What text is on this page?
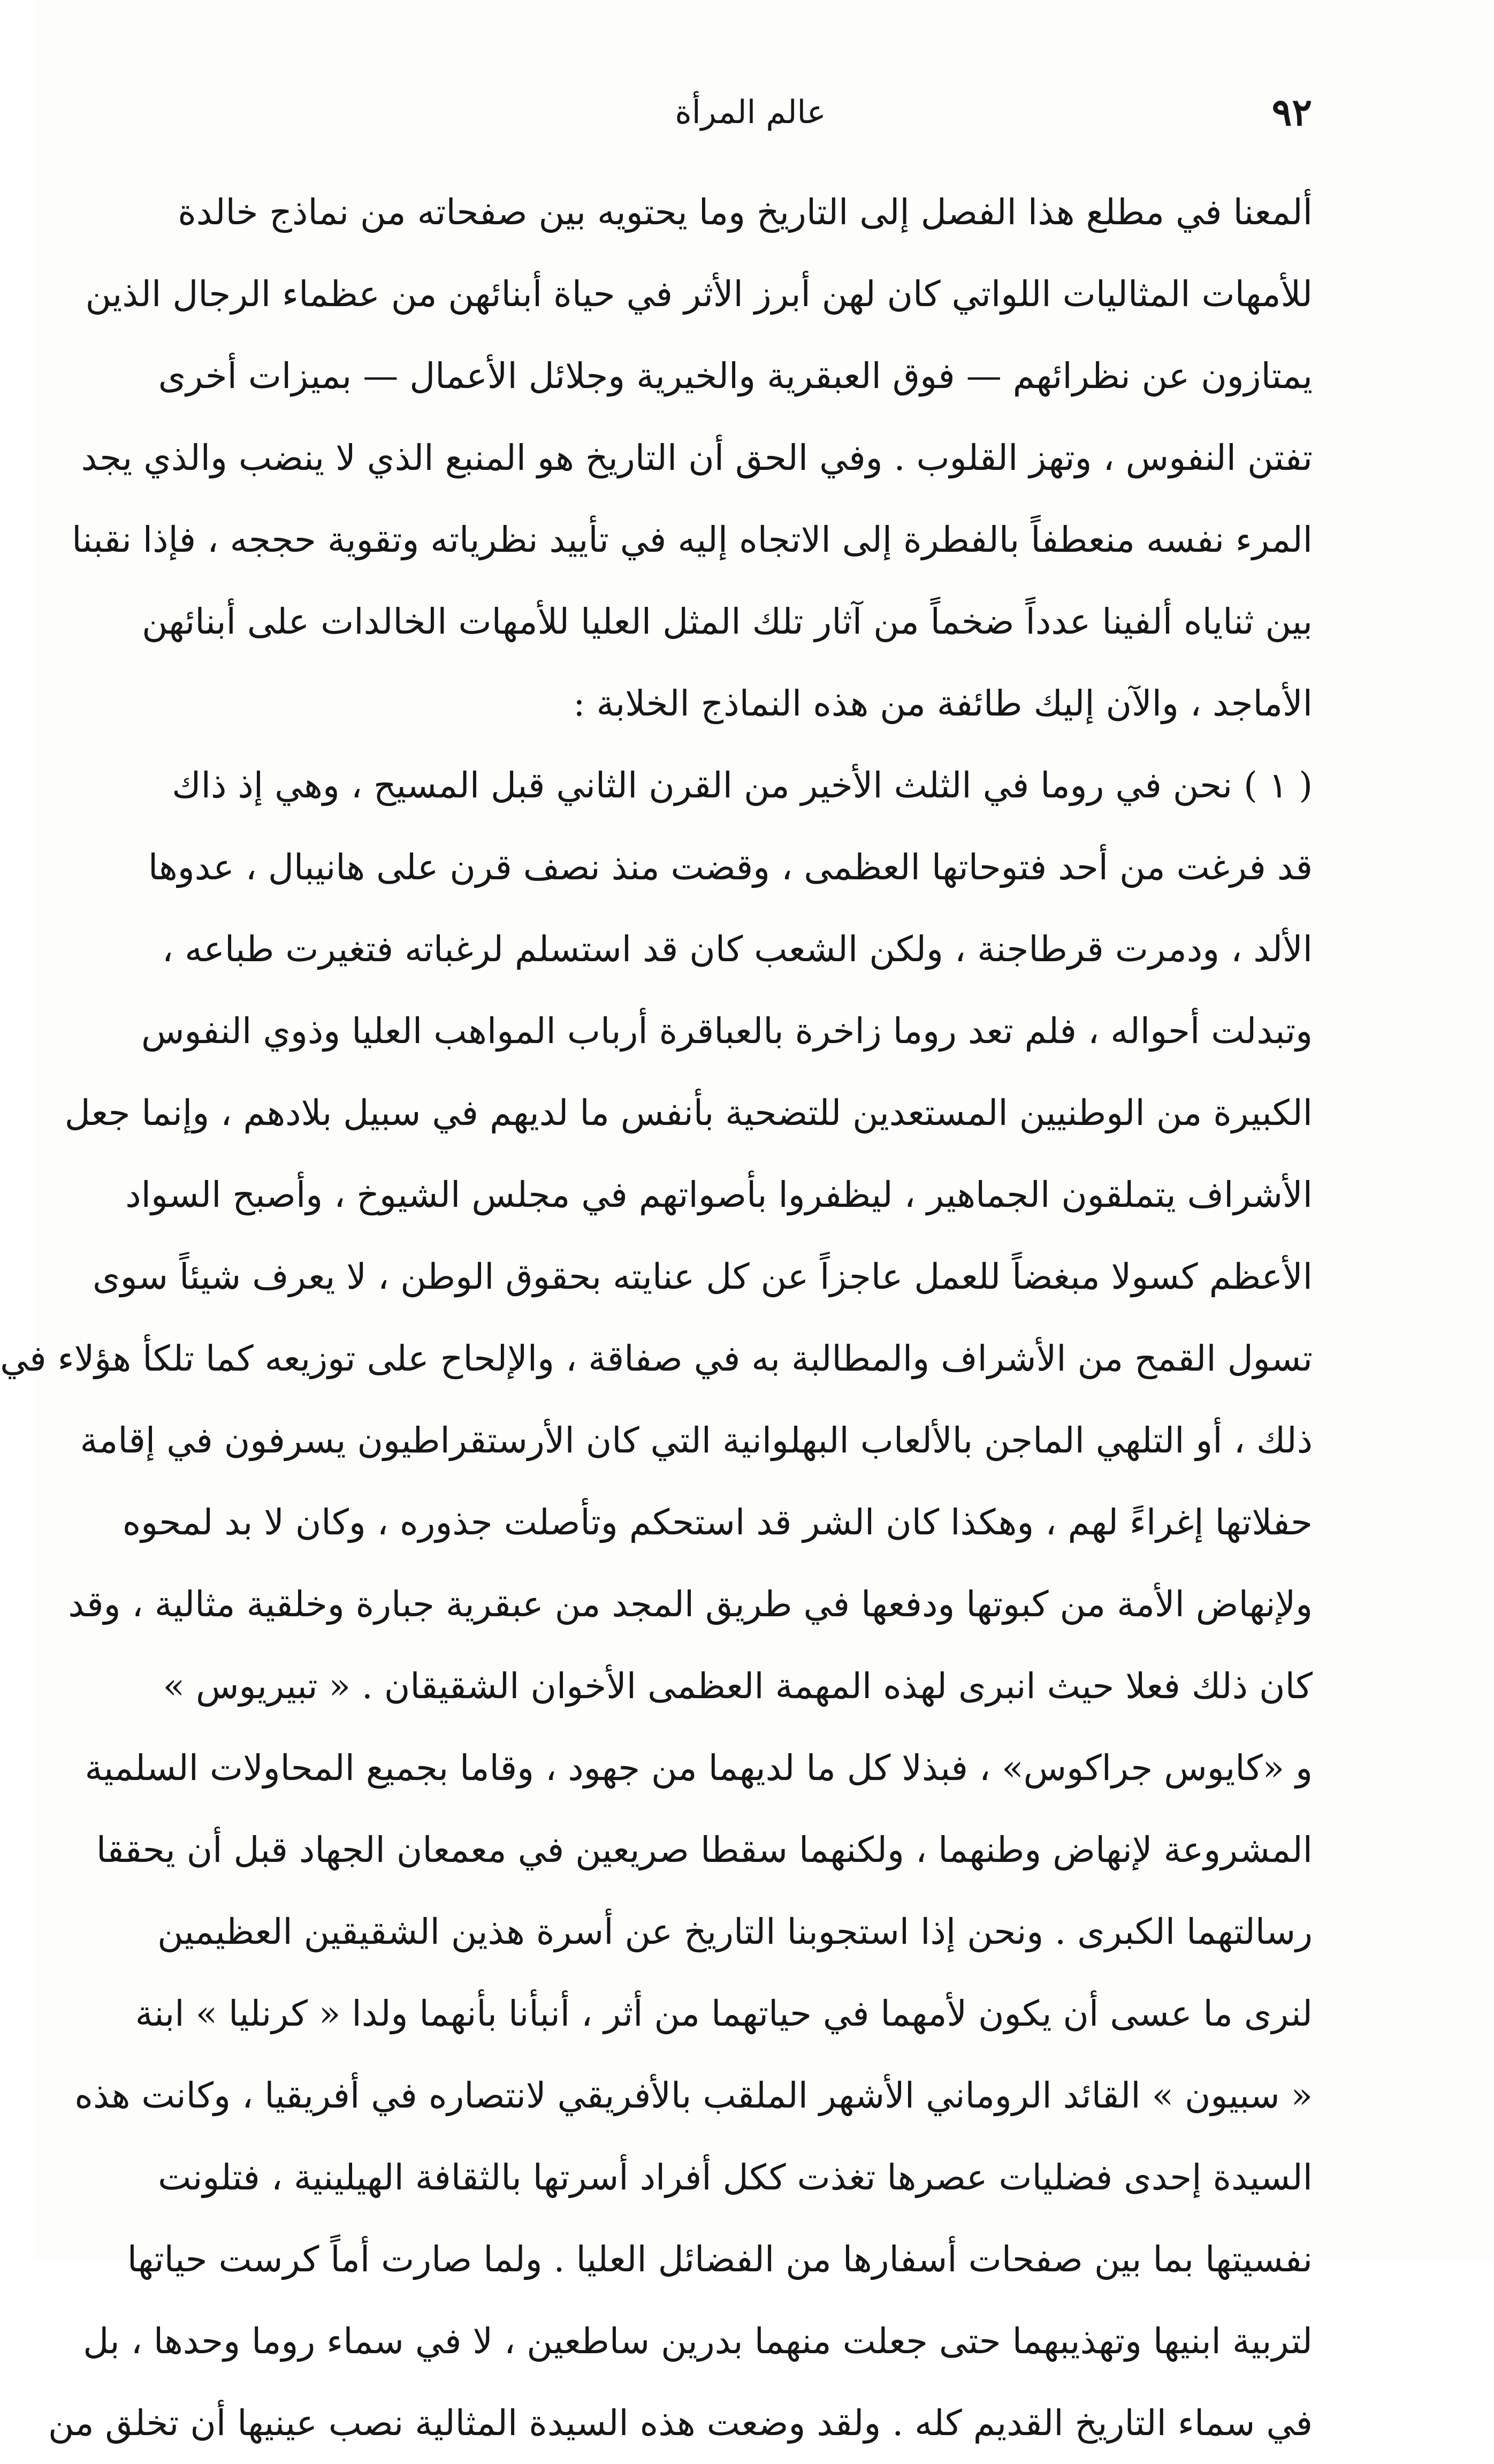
٩٢
عالم المرأة
ألمعنا في مطلع هذا الفصل إلى التاريخ وما يحتويه بين صفحاته من نماذج خالدة
للأمهات المثاليات اللواتي كان لهن أبرز الأثر في حياة أبنائهن من عظماء الرجال الذين
يمتازون عن نظرائهم — فوق العبقرية والخيرية وجلائل الأعمال — بميزات أخرى
تفتن النفوس ، وتهز القلوب . وفي الحق أن التاريخ هو المنبع الذي لا ينضب والذي يجد
المرء نفسه منعطفاً بالفطرة إلى الاتجاه إليه في تأييد نظرياته وتقوية حججه ، فإذا نقبنا
بين ثناياه ألفينا عدداً ضخماً من آثار تلك المثل العليا للأمهات الخالدات على أبنائهن
الأماجد ، والآن إليك طائفة من هذه النماذج الخلابة :
( ١ ) نحن في روما في الثلث الأخير من القرن الثاني قبل المسيح ، وهي إذ ذاك
قد فرغت من أحد فتوحاتها العظمى ، وقضت منذ نصف قرن على هانيبال ، عدوها
الألد ، ودمرت قرطاجنة ، ولكن الشعب كان قد استسلم لرغباته فتغيرت طباعه ،
وتبدلت أحواله ، فلم تعد روما زاخرة بالعباقرة أرباب المواهب العليا وذوي النفوس
الكبيرة من الوطنيين المستعدين للتضحية بأنفس ما لديهم في سبيل بلادهم ، وإنما جعل
الأشراف يتملقون الجماهير ، ليظفروا بأصواتهم في مجلس الشيوخ ، وأصبح السواد
الأعظم كسولا مبغضاً للعمل عاجزاً عن كل عنايته بحقوق الوطن ، لا يعرف شيئاً سوى
تسول القمح من الأشراف والمطالبة به في صفاقة ، والإلحاح على توزيعه كما تلكأ هؤلاء في
ذلك ، أو التلهي الماجن بالألعاب البهلوانية التي كان الأرستقراطيون يسرفون في إقامة
حفلاتها إغراءً لهم ، وهكذا كان الشر قد استحكم وتأصلت جذوره ، وكان لا بد لمحوه
ولإنهاض الأمة من كبوتها ودفعها في طريق المجد من عبقرية جبارة وخلقية مثالية ، وقد
كان ذلك فعلا حيث انبرى لهذه المهمة العظمى الأخوان الشقيقان . « تبيريوس »
و «كايوس جراكوس» ، فبذلا كل ما لديهما من جهود ، وقاما بجميع المحاولات السلمية
المشروعة لإنهاض وطنهما ، ولكنهما سقطا صريعين في معمعان الجهاد قبل أن يحققا
رسالتهما الكبرى . ونحن إذا استجوبنا التاريخ عن أسرة هذين الشقيقين العظيمين
لنرى ما عسى أن يكون لأمهما في حياتهما من أثر ، أنبأنا بأنهما ولدا « كرنليا » ابنة
« سبيون » القائد الروماني الأشهر الملقب بالأفريقي لانتصاره في أفريقيا ، وكانت هذه
السيدة إحدى فضليات عصرها تغذت ككل أفراد أسرتها بالثقافة الهيلينية ، فتلونت
نفسيتها بما بين صفحات أسفارها من الفضائل العليا . ولما صارت أماً كرست حياتها
لتربية ابنيها وتهذيبهما حتى جعلت منهما بدرين ساطعين ، لا في سماء روما وحدها ، بل
في سماء التاريخ القديم كله . ولقد وضعت هذه السيدة المثالية نصب عينيها أن تخلق من
